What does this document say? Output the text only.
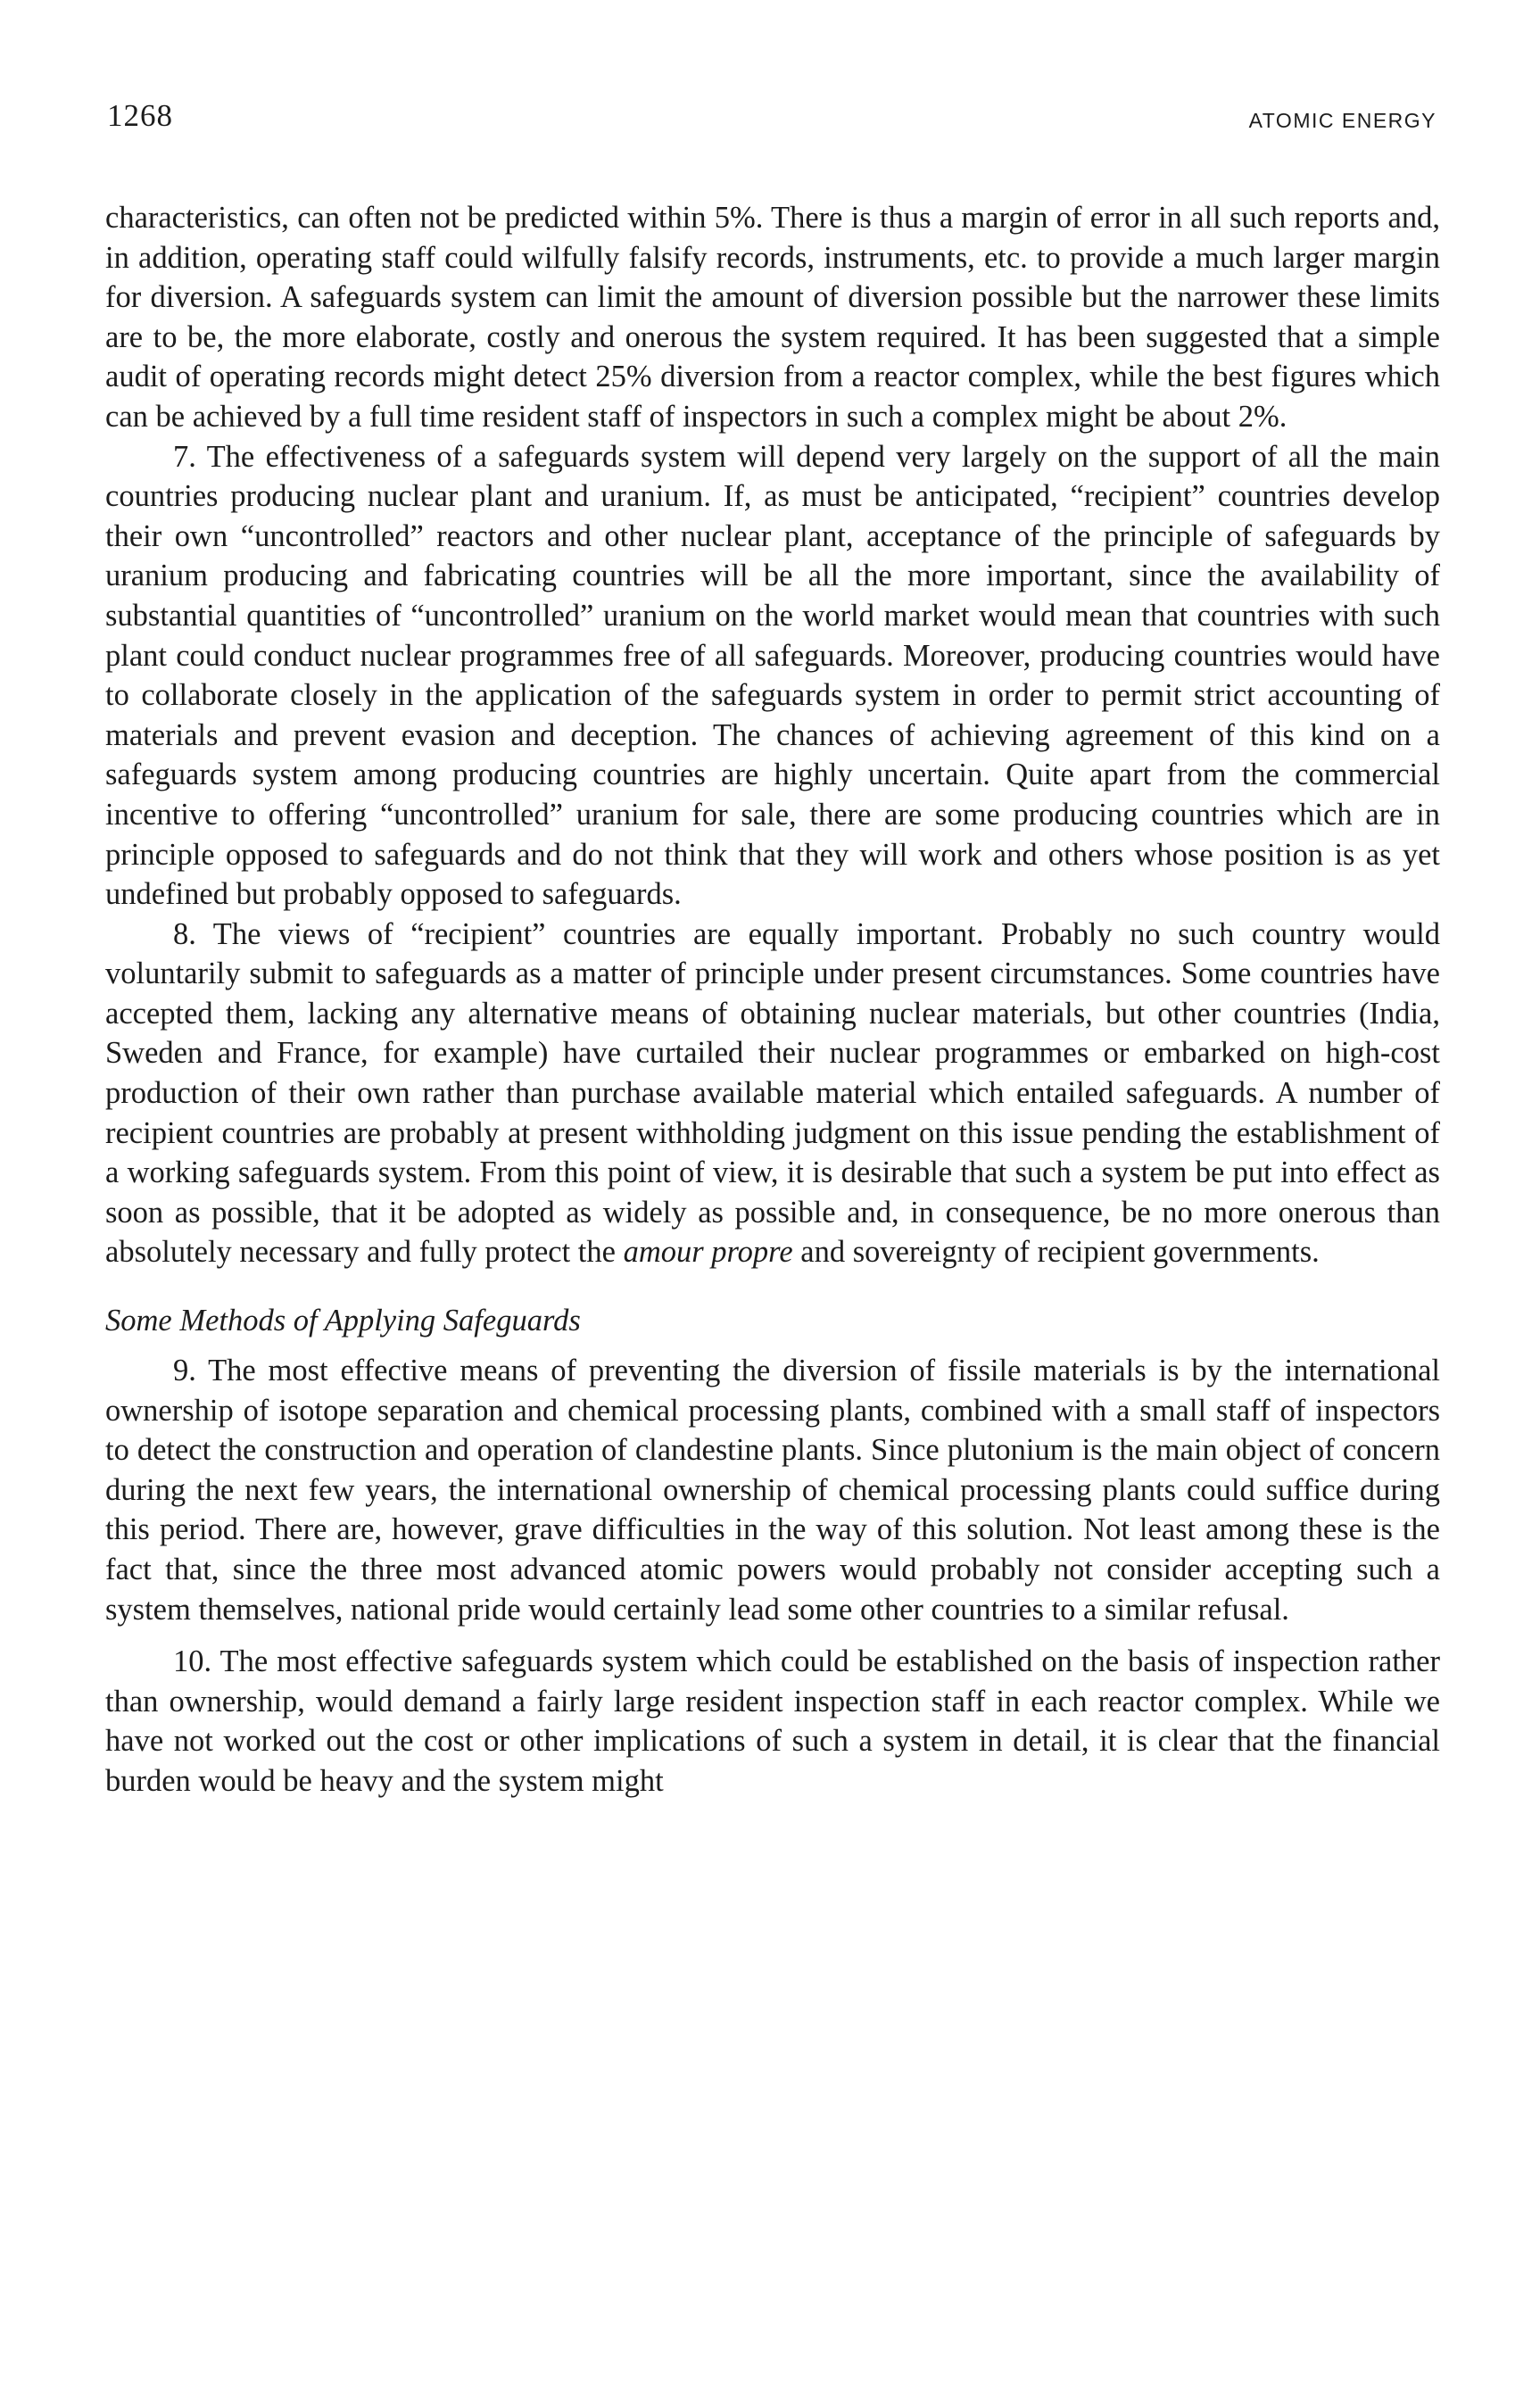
1268	ATOMIC ENERGY

characteristics, can often not be predicted within 5%. There is thus a margin of error in all such reports and, in addition, operating staff could wilfully falsify records, instruments, etc. to provide a much larger margin for diversion. A safeguards system can limit the amount of diversion possible but the narrower these limits are to be, the more elaborate, costly and onerous the system required. It has been suggested that a simple audit of operating records might detect 25% diversion from a reactor complex, while the best figures which can be achieved by a full time resident staff of inspectors in such a complex might be about 2%.

7. The effectiveness of a safeguards system will depend very largely on the support of all the main countries producing nuclear plant and uranium. If, as must be anticipated, “recipient” countries develop their own “uncontrolled” reactors and other nuclear plant, acceptance of the principle of safeguards by uranium producing and fabricating countries will be all the more important, since the availability of substantial quantities of “uncontrolled” uranium on the world market would mean that countries with such plant could conduct nuclear programmes free of all safeguards. Moreover, producing countries would have to collaborate closely in the application of the safeguards system in order to permit strict accounting of materials and prevent evasion and deception. The chances of achieving agreement of this kind on a safeguards system among producing countries are highly uncertain. Quite apart from the commercial incentive to offering “uncontrolled” uranium for sale, there are some producing countries which are in principle opposed to safeguards and do not think that they will work and others whose position is as yet undefined but probably opposed to safeguards.

8. The views of “recipient” countries are equally important. Probably no such country would voluntarily submit to safeguards as a matter of principle under present circumstances. Some countries have accepted them, lacking any alternative means of obtaining nuclear materials, but other countries (India, Sweden and France, for example) have curtailed their nuclear programmes or embarked on high-cost production of their own rather than purchase available material which entailed safeguards. A number of recipient countries are probably at present withholding judgment on this issue pending the establishment of a working safeguards system. From this point of view, it is desirable that such a system be put into effect as soon as possible, that it be adopted as widely as possible and, in consequence, be no more onerous than absolutely necessary and fully protect the amour propre and sovereignty of recipient governments.

Some Methods of Applying Safeguards

9. The most effective means of preventing the diversion of fissile materials is by the international ownership of isotope separation and chemical processing plants, combined with a small staff of inspectors to detect the construction and operation of clandestine plants. Since plutonium is the main object of concern during the next few years, the international ownership of chemical processing plants could suffice during this period. There are, however, grave difficulties in the way of this solution. Not least among these is the fact that, since the three most advanced atomic powers would probably not consider accepting such a system themselves, national pride would certainly lead some other countries to a similar refusal.

10. The most effective safeguards system which could be established on the basis of inspection rather than ownership, would demand a fairly large resident inspection staff in each reactor complex. While we have not worked out the cost or other implications of such a system in detail, it is clear that the financial burden would be heavy and the system might
